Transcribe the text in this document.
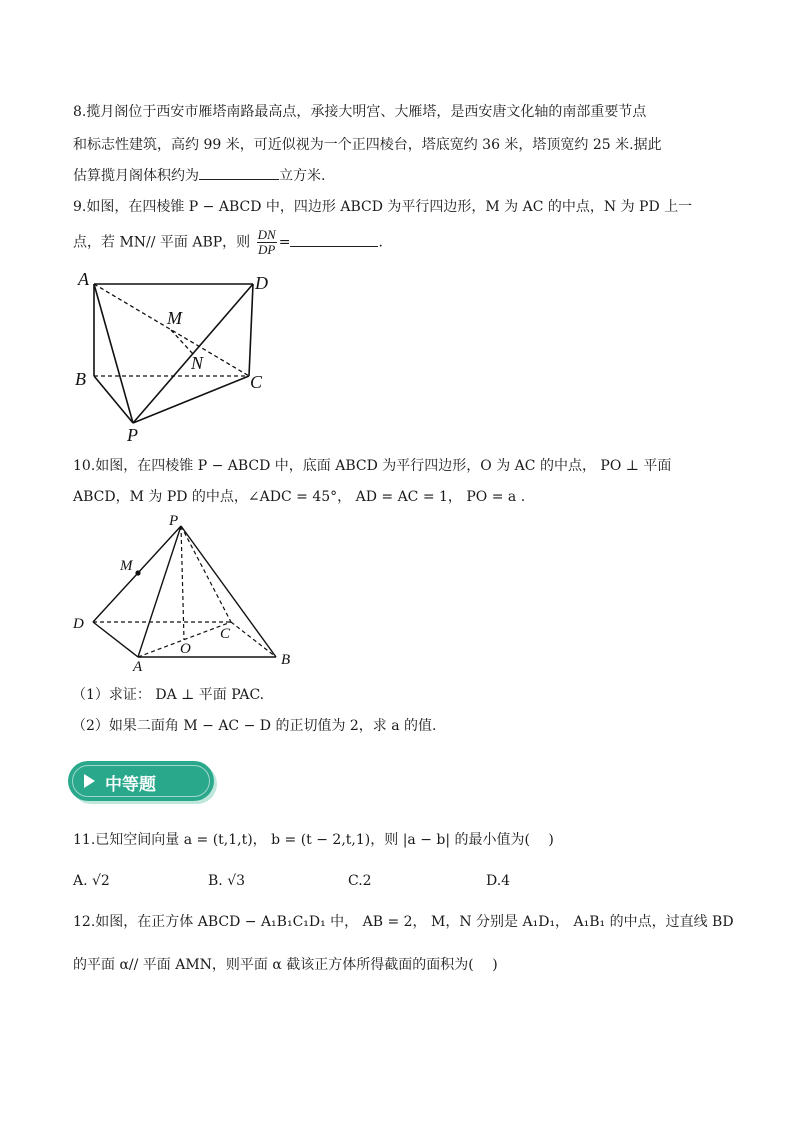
8.揽月阁位于西安市雁塔南路最高点，承接大明宫、大雁塔，是西安唐文化轴的南部重要节点
和标志性建筑，高约 99 米，可近似视为一个正四棱台，塔底宽约 36 米，塔顶宽约 25 米.据此
估算揽月阁体积约为	立方米.
9.如图，在四棱锥 P − ABCD 中，四边形 ABCD 为平行四边形，M 为 AC 的中点，N 为 PD 上一
点，若 MN// 平面 ABP，则 $\frac{DN}{DP}$ =	.
A	D
M
N
B	C
P
10.如图，在四棱锥 P − ABCD 中，底面 ABCD 为平行四边形，O 为 AC 的中点， PO ⊥ 平面
ABCD，M 为 PD 的中点，∠ADC = 45°， AD = AC = 1， PO = a .
P
M
D
C
O
A	B
（1）求证： DA ⊥ 平面 PAC.
（2）如果二面角 M − AC − D 的正切值为 2，求 a 的值.
中等题
11.已知空间向量 a = (t,1,t)， b = (t − 2,t,1)，则 |a − b| 的最小值为(　 )
A. √2	B. √3	C.2	D.4
12.如图，在正方体 ABCD − A₁B₁C₁D₁ 中， AB = 2， M，N 分别是 A₁D₁， A₁B₁ 的中点，过直线 BD
的平面 α// 平面 AMN，则平面 α 截该正方体所得截面的面积为(　 )
